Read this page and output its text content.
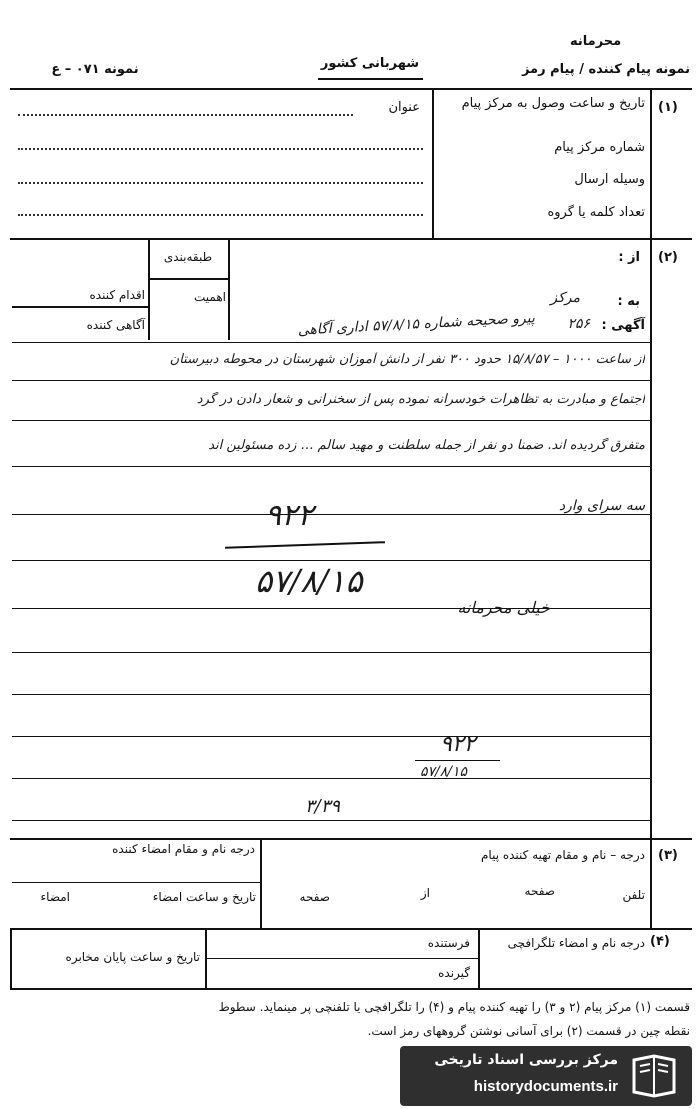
محرمانه
نمونه پیام کننده / پیام رمز
شهربانی کشور
نمونه ۰۷۱ – ع
(۱)
تاریخ و ساعت وصول به مرکز پیام
شماره مرکز پیام
وسیله ارسال
تعداد کلمه یا گروه
عنوان
(۲)
طبقه‌بندی	از :
اقدام کننده	اهمیت
آگاهی کننده
به :
مرکز
آگهی :
۲۵۶
پیرو صحیحه شماره ۵۷/۸/۱۵ اداری آگاهی
از ساعت ۱۰۰۰ – ۱۵/۸/۵۷ حدود ۳۰۰ نفر از دانش آموزان شهرستان در محوطه دبیرستان
اجتماع و مبادرت به تظاهرات خودسرانه نموده پس از سخنرانی و شعار دادن در گرد
متفرق گردیده اند. ضمنا دو نفر از جمله سلطنت و مهید سالم … زده مسئولین اند
سه سرای وارد
۹۲۲
۵۷/۸/۱۵
خیلی محرمانه
۹۲۲
۵۷/۸/۱۵
۳/۳۹
(۳)
درجه – نام و مقام تهیه کننده پیام
درجه نام و مقام امضاء کننده
تلفن
صفحه
از
صفحه
تاریخ و ساعت امضاء
امضاء
(۴)
درجه نام و امضاء تلگرافچی
فرستنده
گیرنده
تاریخ و ساعت پایان مخابره
قسمت (۱) مرکز پیام (۲ و ۳) را تهیه کننده پیام و (۴) را تلگرافچی یا تلفنچی پر مینماید. سطوط
نقطه چین در قسمت (۲) برای آسانی نوشتن گروههای رمز است.
مرکز بررسی اسناد تاریخی
historydocuments.ir
